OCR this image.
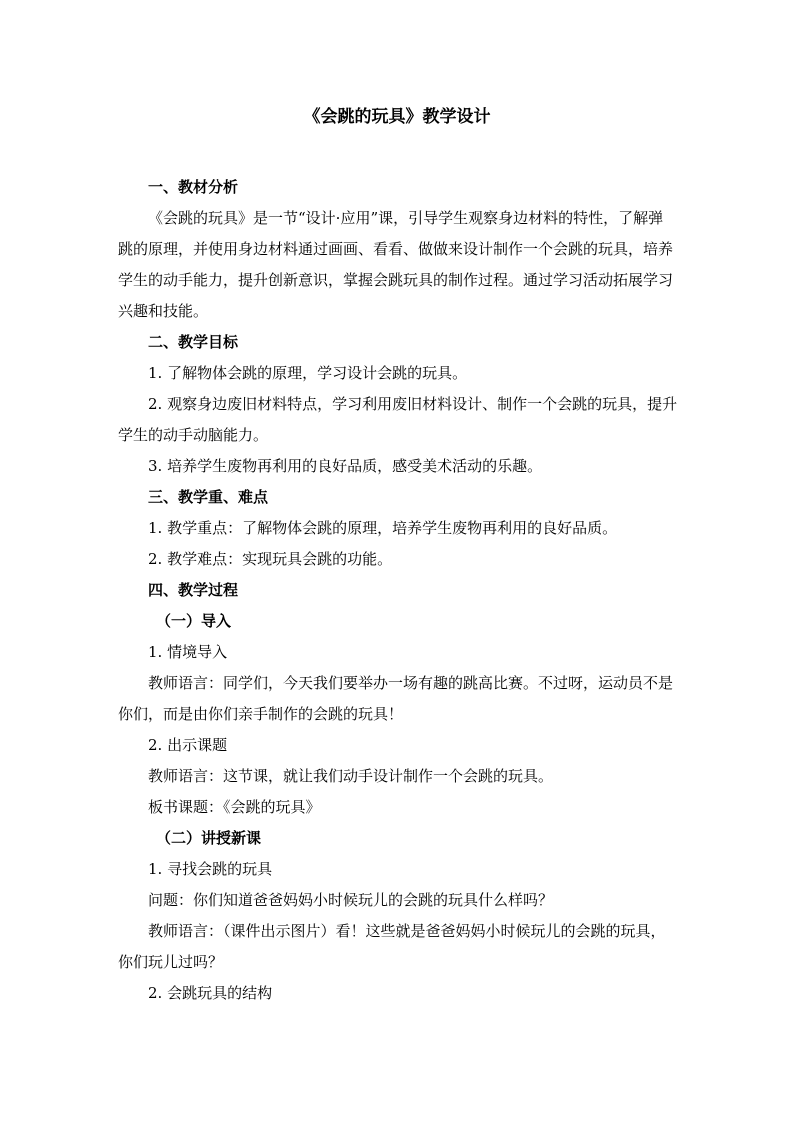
《会跳的玩具》教学设计

一、教材分析

《会跳的玩具》是一节“设计·应用”课，引导学生观察身边材料的特性，了解弹跳的原理，并使用身边材料通过画画、看看、做做来设计制作一个会跳的玩具，培养学生的动手能力，提升创新意识，掌握会跳玩具的制作过程。通过学习活动拓展学习兴趣和技能。

二、教学目标

1. 了解物体会跳的原理，学习设计会跳的玩具。

2. 观察身边废旧材料特点，学习利用废旧材料设计、制作一个会跳的玩具，提升学生的动手动脑能力。

3. 培养学生废物再利用的良好品质，感受美术活动的乐趣。

三、教学重、难点

1. 教学重点：了解物体会跳的原理，培养学生废物再利用的良好品质。

2. 教学难点：实现玩具会跳的功能。

四、教学过程

（一）导入

1. 情境导入

教师语言：同学们，今天我们要举办一场有趣的跳高比赛。不过呀，运动员不是你们，而是由你们亲手制作的会跳的玩具！

2. 出示课题

教师语言：这节课，就让我们动手设计制作一个会跳的玩具。

板书课题：《会跳的玩具》

（二）讲授新课

1. 寻找会跳的玩具

问题：你们知道爸爸妈妈小时候玩儿的会跳的玩具什么样吗？

教师语言：（课件出示图片）看！这些就是爸爸妈妈小时候玩儿的会跳的玩具，你们玩儿过吗？

2. 会跳玩具的结构
